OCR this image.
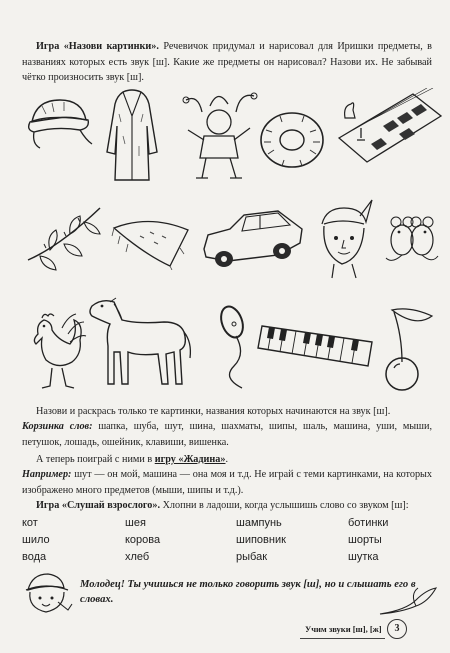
Игра «Назови картинки». Речевичок придумал и нарисовал для Иришки предметы, в названиях которых есть звук [ш]. Какие же предметы он нарисовал? Назови их. Не забывай чётко произносить звук [ш].
Назови и раскрась только те картинки, названия которых начинаются на звук [ш].
Корзинка слов: шапка, шуба, шут, шина, шахматы, шипы, шаль, машина, уши, мыши, петушок, лошадь, ошейник, клавиши, вишенка.
А теперь поиграй с ними в игру «Жадина».
Например: шут — он мой, машина — она моя и т.д. Не играй с теми картинками, на которых изображено много предметов (мыши, шипы и т.д.).
Игра «Слушай взрослого». Хлопни в ладоши, когда услышишь слово со звуком [ш]:
кот
шило
вода
шея
корова
хлеб
шампунь
шиповник
рыбак
ботинки
шорты
шутка
Молодец! Ты учишься не только говорить звук [ш], но и слышать его в словах.
Учим звуки [ш], [ж]	3
